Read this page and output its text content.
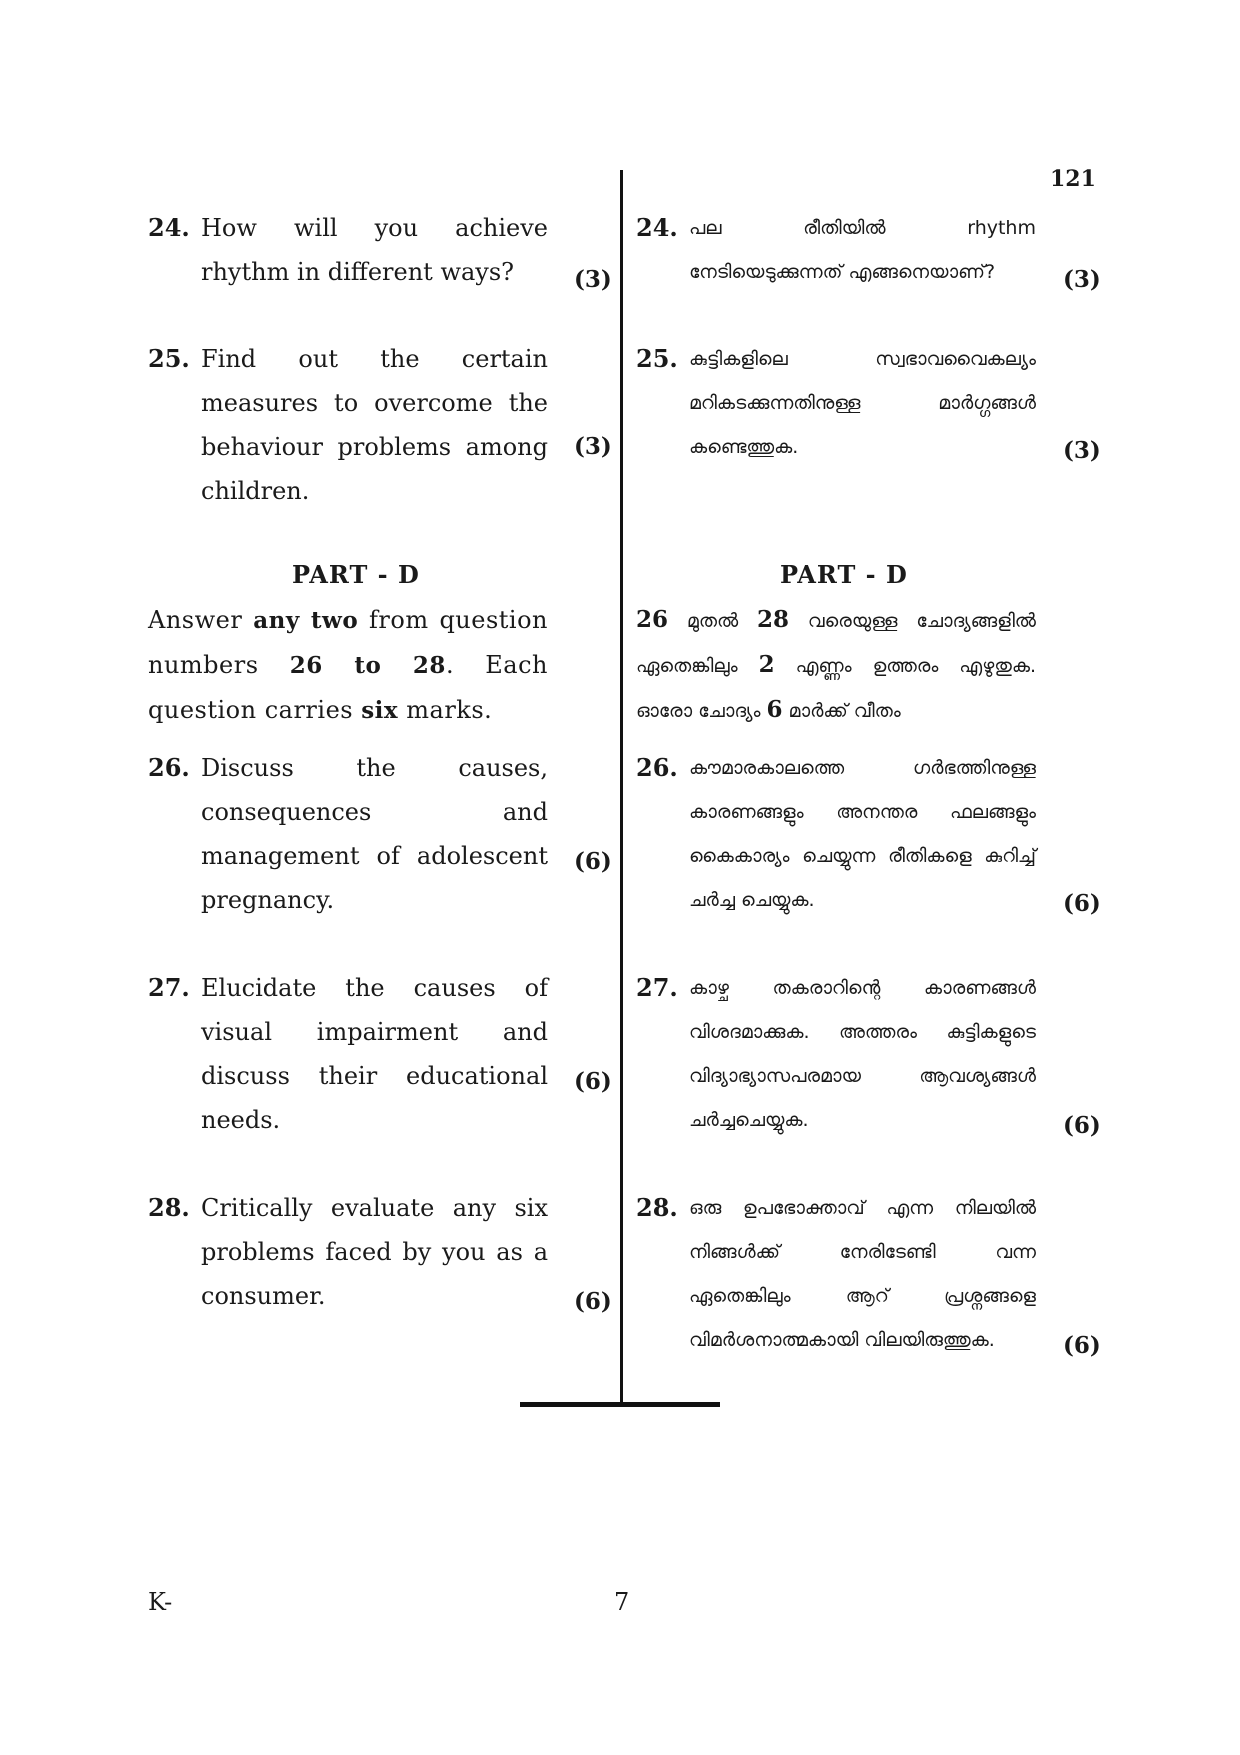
121
24. How will you achieve rhythm in different ways?	(3)
25. Find out the certain measures to overcome the behaviour problems among children.
(3)
PART - D
Answer any two from question numbers 26 to 28. Each question carries six marks.
26. Discuss the causes, consequences and management of adolescent pregnancy.
(6)
27. Elucidate the causes of visual impairment and discuss their educational needs.
(6)
28. Critically evaluate any six problems faced by you as a consumer.	(6)
24. പല രീതിയിൽ rhythm നേടിയെടുക്കുന്നത് എങ്ങനെയാണ്?	(3)
25. കുട്ടികളിലെ സ്വഭാവവൈകല്യം മറികടക്കുന്നതിനുള്ള മാർഗ്ഗങ്ങൾ കണ്ടെത്തുക.	(3)
PART - D
26 മുതൽ 28 വരെയുള്ള ചോദ്യങ്ങളിൽ ഏതെങ്കിലും 2 എണ്ണം ഉത്തരം എഴുതുക. ഓരോ ചോദ്യം 6 മാർക്ക് വീതം
26. കൗമാരകാലത്തെ ഗർഭത്തിനുള്ള കാരണങ്ങളും അനന്തര ഫലങ്ങളും കൈകാര്യം ചെയ്യുന്ന രീതികളെ കുറിച്ച് ചർച്ച ചെയ്യുക.	(6)
27. കാഴ്ച തകരാറിന്റെ കാരണങ്ങൾ വിശദമാക്കുക. അത്തരം കുട്ടികളുടെ വിദ്യാഭ്യാസപരമായ ആവശ്യങ്ങൾ ചർച്ചചെയ്യുക.	(6)
28. ഒരു ഉപഭോക്താവ് എന്ന നിലയിൽ നിങ്ങൾക്ക് നേരിടേണ്ടി വന്ന ഏതെങ്കിലും ആറ് പ്രശ്നങ്ങളെ വിമർശനാത്മകായി വിലയിരുത്തുക.	(6)
K-	7
